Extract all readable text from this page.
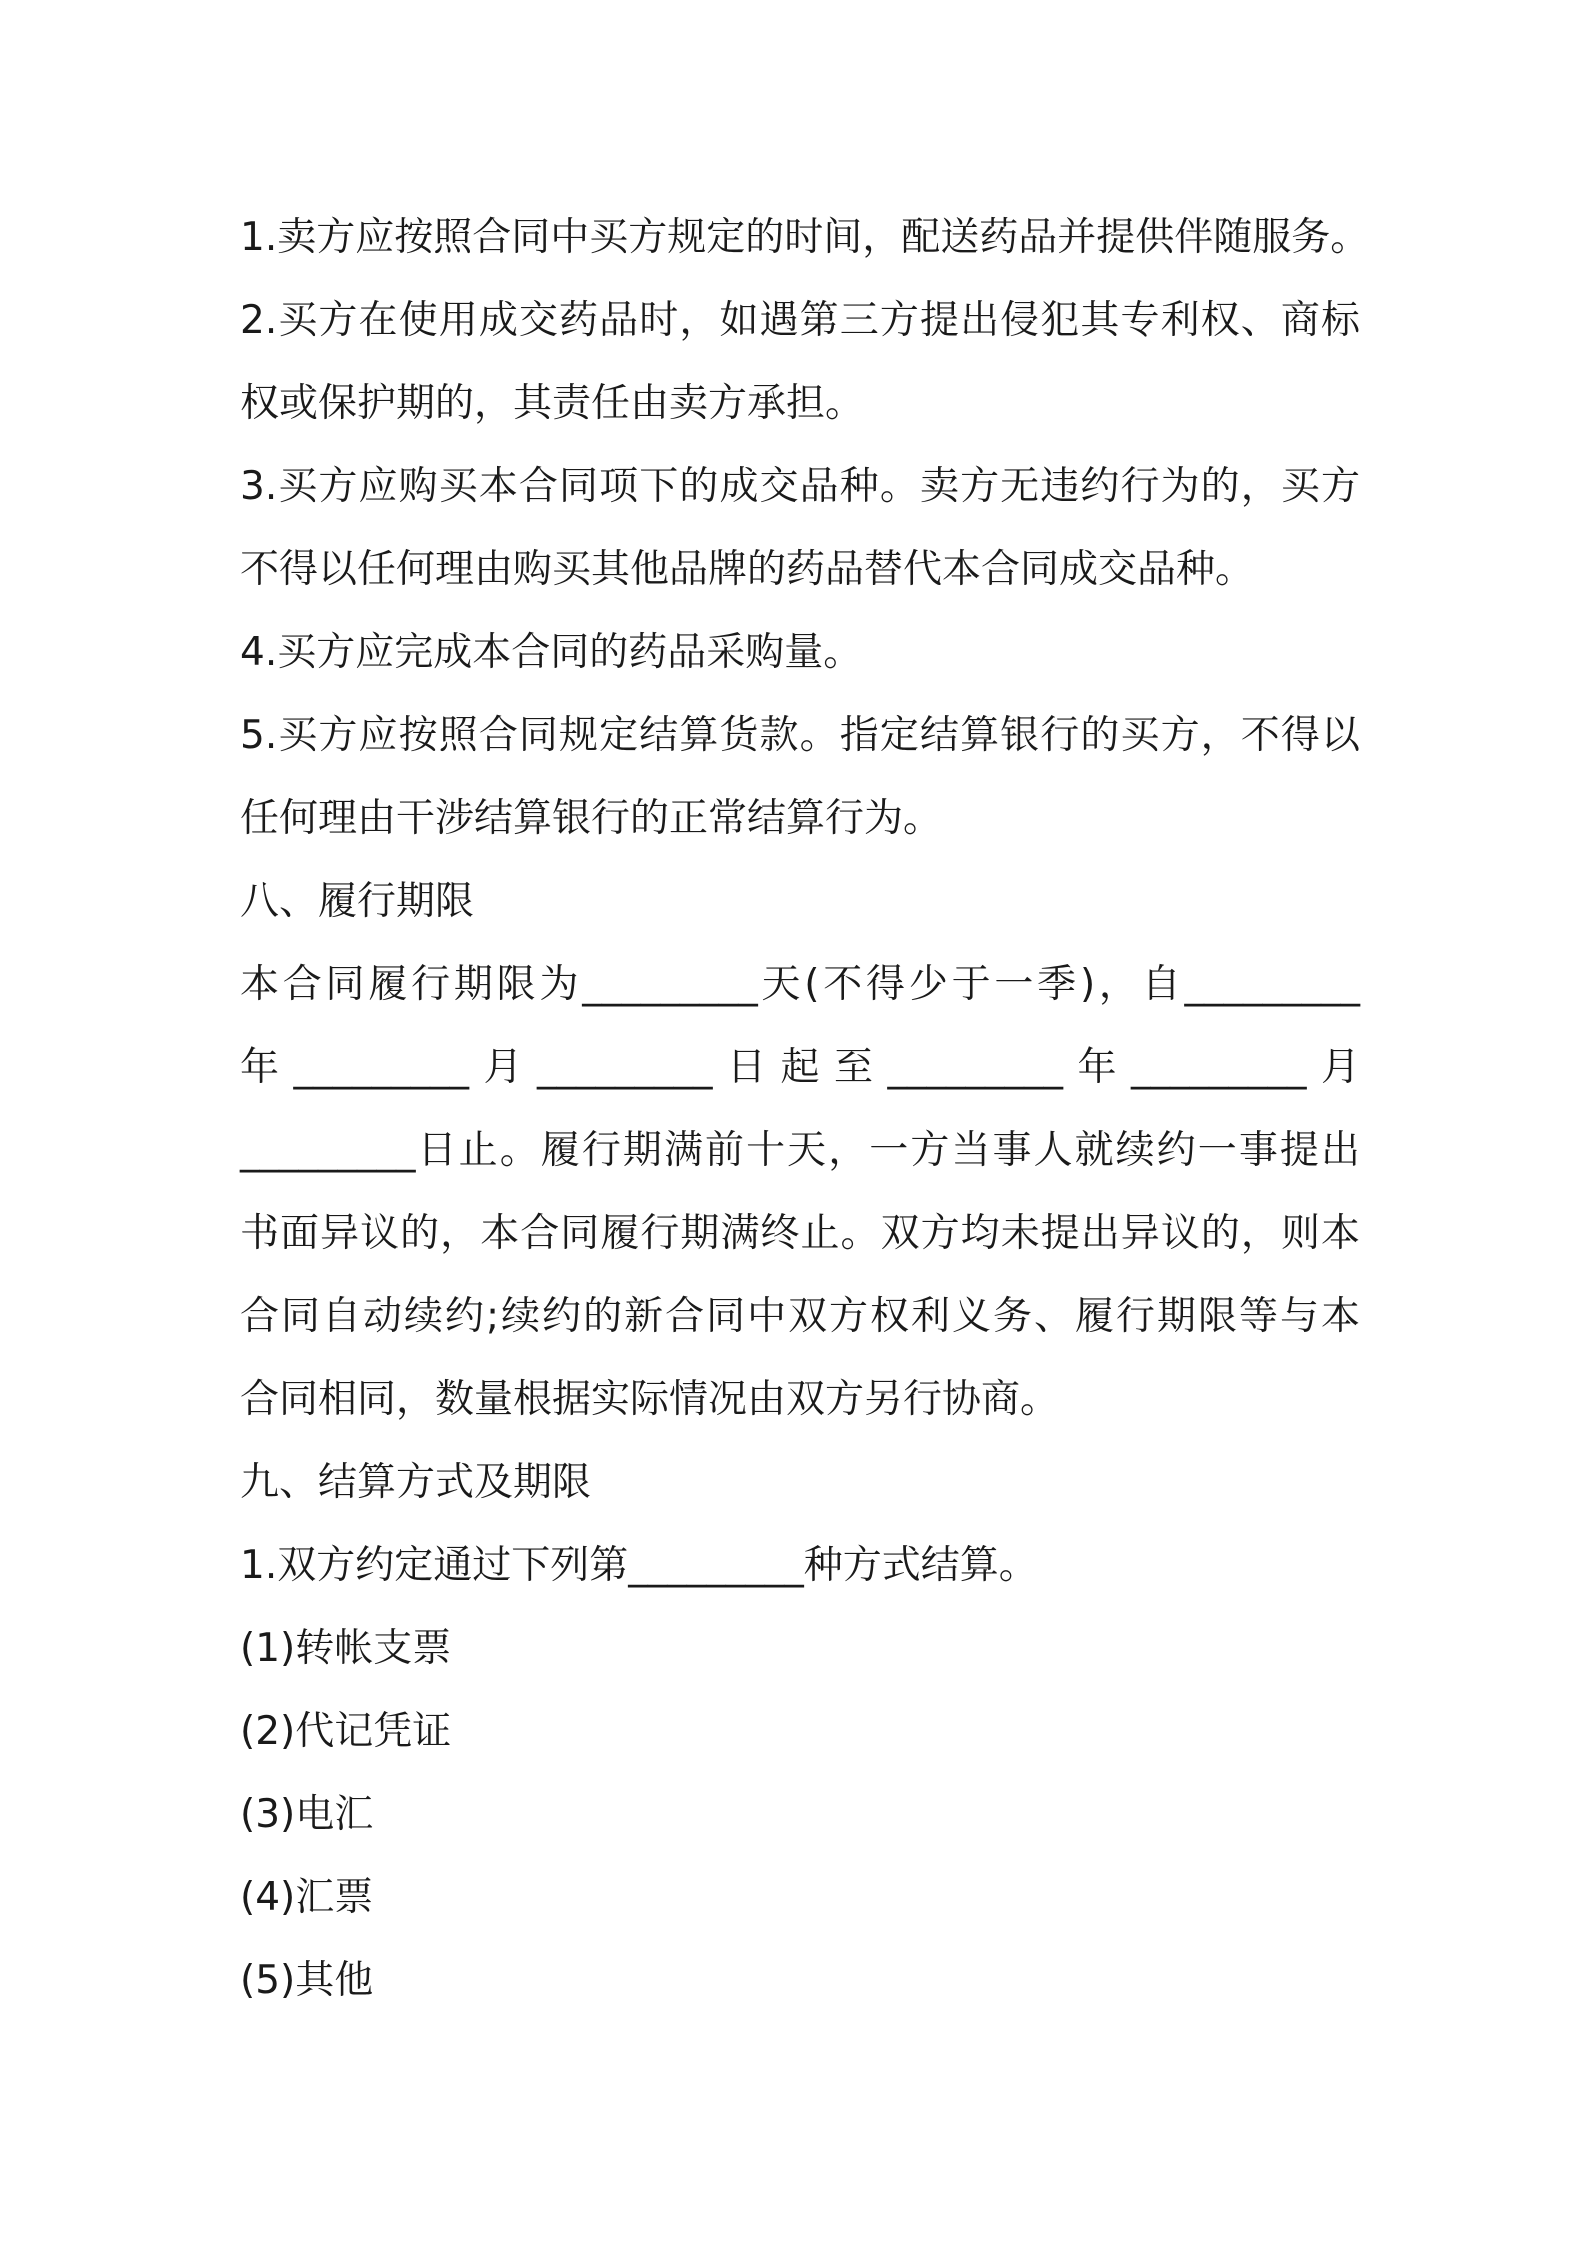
1.卖方应按照合同中买方规定的时间，配送药品并提供伴随服务。
2.买方在使用成交药品时，如遇第三方提出侵犯其专利权、商标
权或保护期的，其责任由卖方承担。
3.买方应购买本合同项下的成交品种。卖方无违约行为的，买方
不得以任何理由购买其他品牌的药品替代本合同成交品种。
4.买方应完成本合同的药品采购量。
5.买方应按照合同规定结算货款。指定结算银行的买方，不得以
任何理由干涉结算银行的正常结算行为。
八、履行期限
本合同履行期限为_________天(不得少于一季)，自_________
年_________月_________日起至_________年_________月
_________日止。履行期满前十天，一方当事人就续约一事提出
书面异议的，本合同履行期满终止。双方均未提出异议的，则本
合同自动续约;续约的新合同中双方权利义务、履行期限等与本
合同相同，数量根据实际情况由双方另行协商。
九、结算方式及期限
1.双方约定通过下列第_________种方式结算。
(1)转帐支票
(2)代记凭证
(3)电汇
(4)汇票
(5)其他
